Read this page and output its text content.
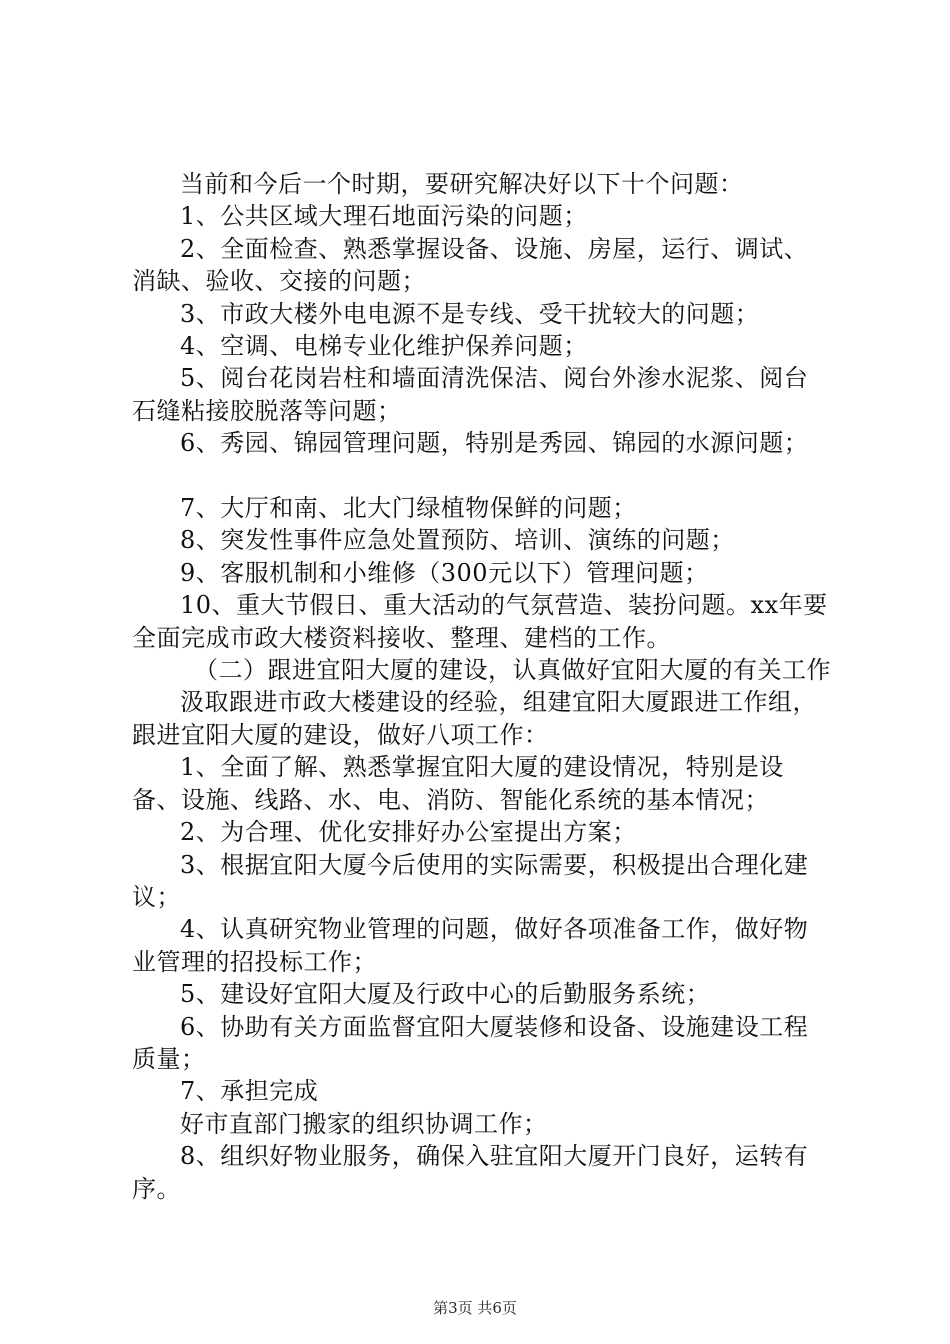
当前和今后一个时期，要研究解决好以下十个问题：

1、公共区域大理石地面污染的问题；

2、全面检查、熟悉掌握设备、设施、房屋，运行、调试、消缺、验收、交接的问题；

3、市政大楼外电电源不是专线、受干扰较大的问题；

4、空调、电梯专业化维护保养问题；

5、阅台花岗岩柱和墙面清洗保洁、阅台外渗水泥浆、阅台石缝粘接胶脱落等问题；

6、秀园、锦园管理问题，特别是秀园、锦园的水源问题；

7、大厅和南、北大门绿植物保鲜的问题；

8、突发性事件应急处置预防、培训、演练的问题；

9、客服机制和小维修（300元以下）管理问题；

10、重大节假日、重大活动的气氛营造、装扮问题。xx年要全面完成市政大楼资料接收、整理、建档的工作。

（二）跟进宜阳大厦的建设，认真做好宜阳大厦的有关工作

汲取跟进市政大楼建设的经验，组建宜阳大厦跟进工作组，跟进宜阳大厦的建设，做好八项工作：

1、全面了解、熟悉掌握宜阳大厦的建设情况，特别是设备、设施、线路、水、电、消防、智能化系统的基本情况；

2、为合理、优化安排好办公室提出方案；

3、根据宜阳大厦今后使用的实际需要，积极提出合理化建议；

4、认真研究物业管理的问题，做好各项准备工作，做好物业管理的招投标工作；

5、建设好宜阳大厦及行政中心的后勤服务系统；

6、协助有关方面监督宜阳大厦装修和设备、设施建设工程质量；

7、承担完成

好市直部门搬家的组织协调工作；

8、组织好物业服务，确保入驻宜阳大厦开门良好，运转有序。

第3页 共6页
